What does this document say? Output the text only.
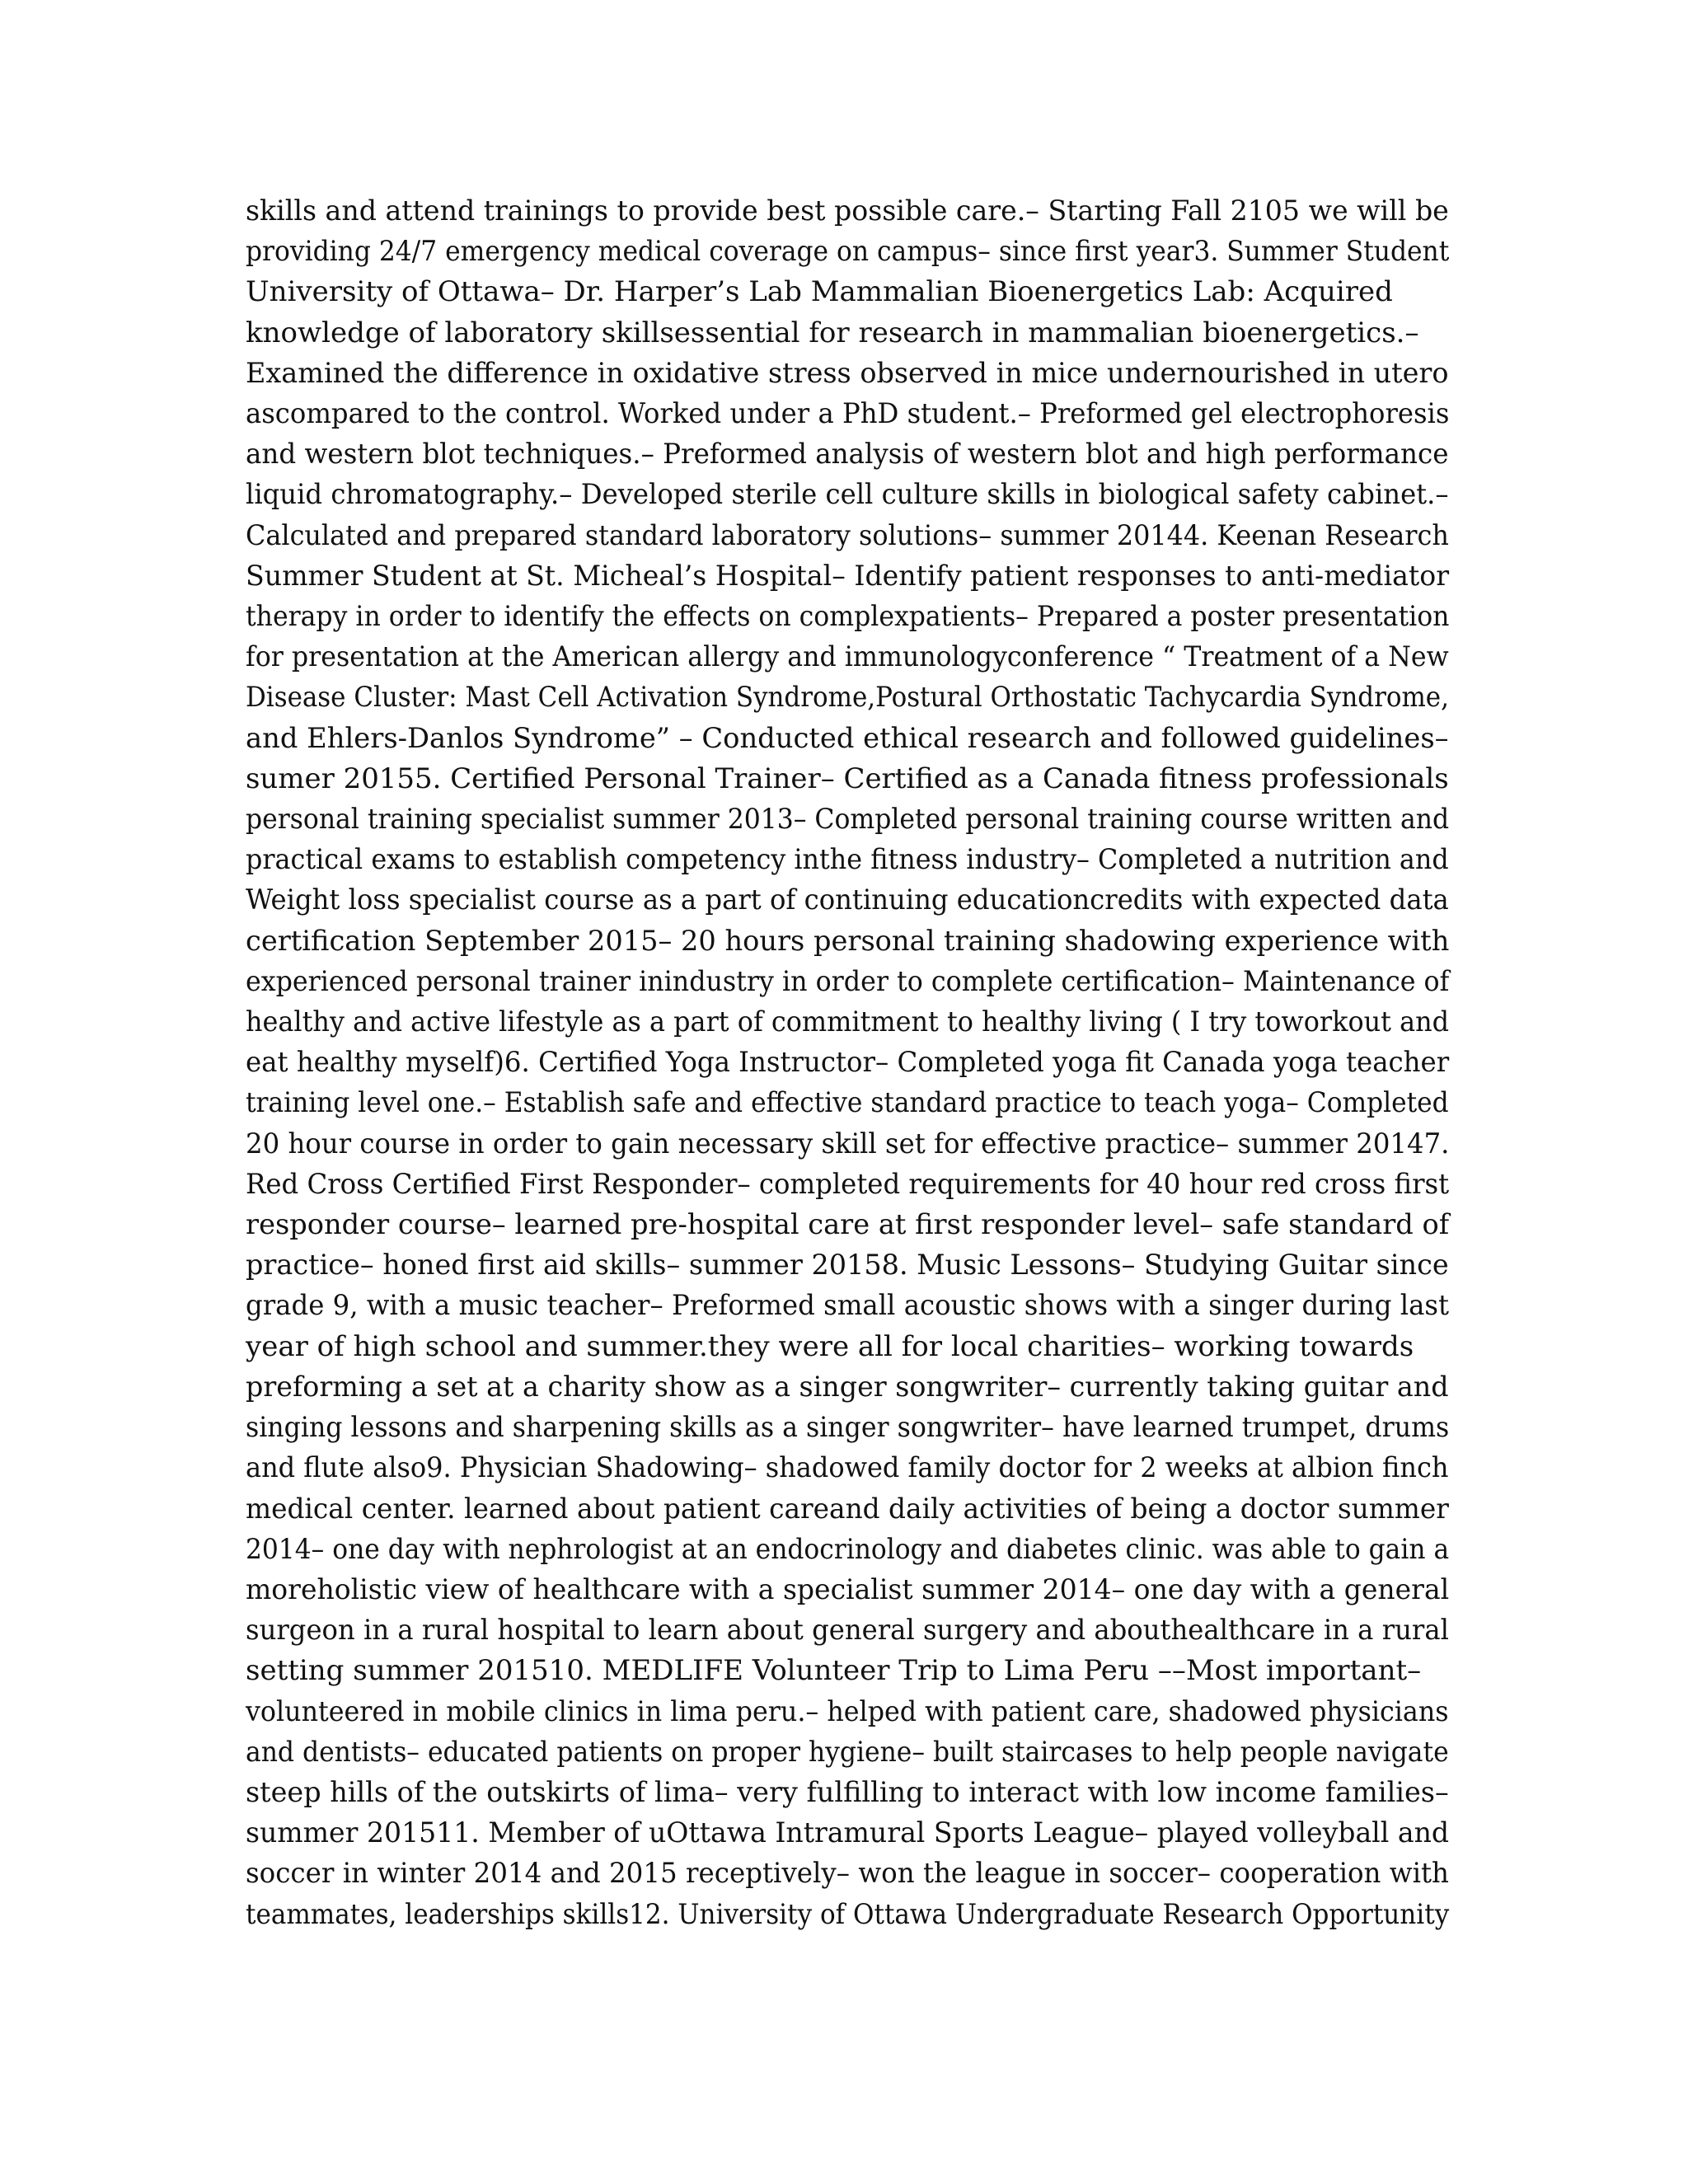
skills and attend trainings to provide best possible care.– Starting Fall 2105 we will be
providing 24/7 emergency medical coverage on campus– since first year3. Summer Student
University of Ottawa– Dr. Harper’s Lab Mammalian Bioenergetics Lab: Acquired
knowledge of laboratory skillsessential for research in mammalian bioenergetics.–
Examined the difference in oxidative stress observed in mice undernourished in utero
ascompared to the control. Worked under a PhD student.– Preformed gel electrophoresis
and western blot techniques.– Preformed analysis of western blot and high performance
liquid chromatography.– Developed sterile cell culture skills in biological safety cabinet.–
Calculated and prepared standard laboratory solutions– summer 20144. Keenan Research
Summer Student at St. Micheal’s Hospital– Identify patient responses to anti-mediator
therapy in order to identify the effects on complexpatients– Prepared a poster presentation
for presentation at the American allergy and immunologyconference “ Treatment of a New
Disease Cluster: Mast Cell Activation Syndrome,Postural Orthostatic Tachycardia Syndrome,
and Ehlers-Danlos Syndrome” – Conducted ethical research and followed guidelines–
sumer 20155. Certified Personal Trainer– Certified as a Canada fitness professionals
personal training specialist summer 2013– Completed personal training course written and
practical exams to establish competency inthe fitness industry– Completed a nutrition and
Weight loss specialist course as a part of continuing educationcredits with expected data
certification September 2015– 20 hours personal training shadowing experience with
experienced personal trainer inindustry in order to complete certification– Maintenance of
healthy and active lifestyle as a part of commitment to healthy living ( I try toworkout and
eat healthy myself)6. Certified Yoga Instructor– Completed yoga fit Canada yoga teacher
training level one.– Establish safe and effective standard practice to teach yoga– Completed
20 hour course in order to gain necessary skill set for effective practice– summer 20147.
Red Cross Certified First Responder– completed requirements for 40 hour red cross first
responder course– learned pre-hospital care at first responder level– safe standard of
practice– honed first aid skills– summer 20158. Music Lessons– Studying Guitar since
grade 9, with a music teacher– Preformed small acoustic shows with a singer during last
year of high school and summer.they were all for local charities– working towards
preforming a set at a charity show as a singer songwriter– currently taking guitar and
singing lessons and sharpening skills as a singer songwriter– have learned trumpet, drums
and flute also9. Physician Shadowing– shadowed family doctor for 2 weeks at albion finch
medical center. learned about patient careand daily activities of being a doctor summer
2014– one day with nephrologist at an endocrinology and diabetes clinic. was able to gain a
moreholistic view of healthcare with a specialist summer 2014– one day with a general
surgeon in a rural hospital to learn about general surgery and abouthealthcare in a rural
setting summer 201510. MEDLIFE Volunteer Trip to Lima Peru ––Most important–
volunteered in mobile clinics in lima peru.– helped with patient care, shadowed physicians
and dentists– educated patients on proper hygiene– built staircases to help people navigate
steep hills of the outskirts of lima– very fulfilling to interact with low income families–
summer 201511. Member of uOttawa Intramural Sports League– played volleyball and
soccer in winter 2014 and 2015 receptively– won the league in soccer– cooperation with
teammates, leaderships skills12. University of Ottawa Undergraduate Research Opportunity
